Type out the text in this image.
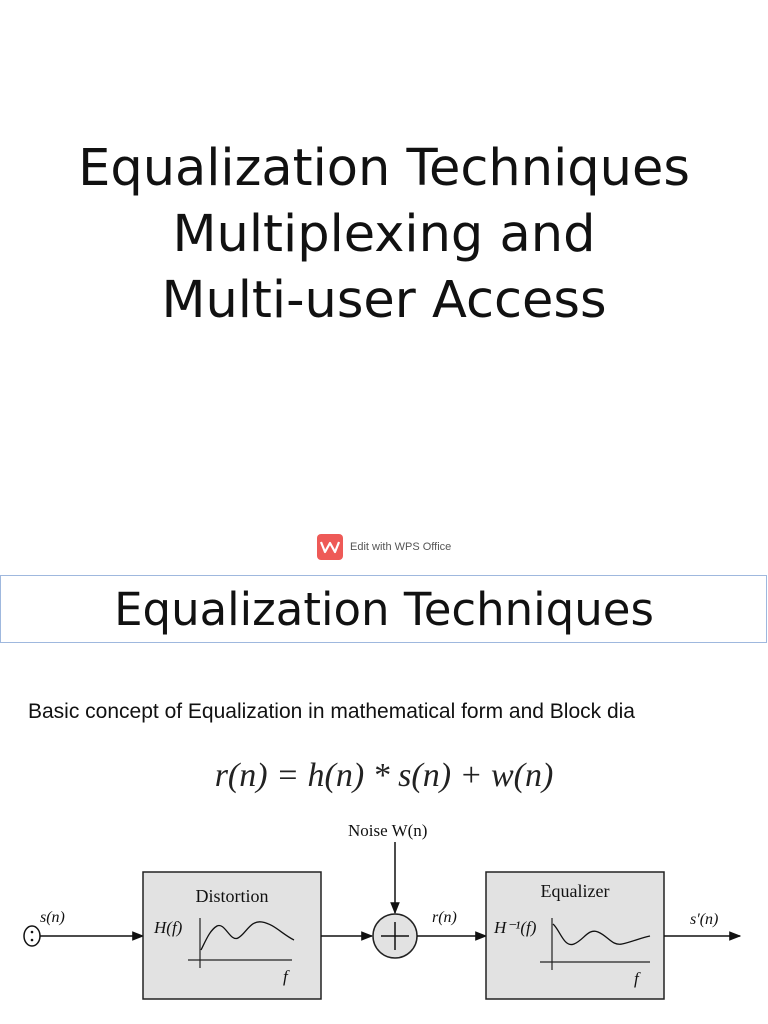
Equalization Techniques
Multiplexing and
Multi-user Access
Edit with WPS Office
Equalization Techniques
Basic concept of Equalization in mathematical form and Block dia
r(n) = h(n) * s(n) + w(n)
s(n)
Distortion
H(f)
f
Noise W(n)
r(n)
Equalizer
H⁻¹(f)
f
s′(n)
